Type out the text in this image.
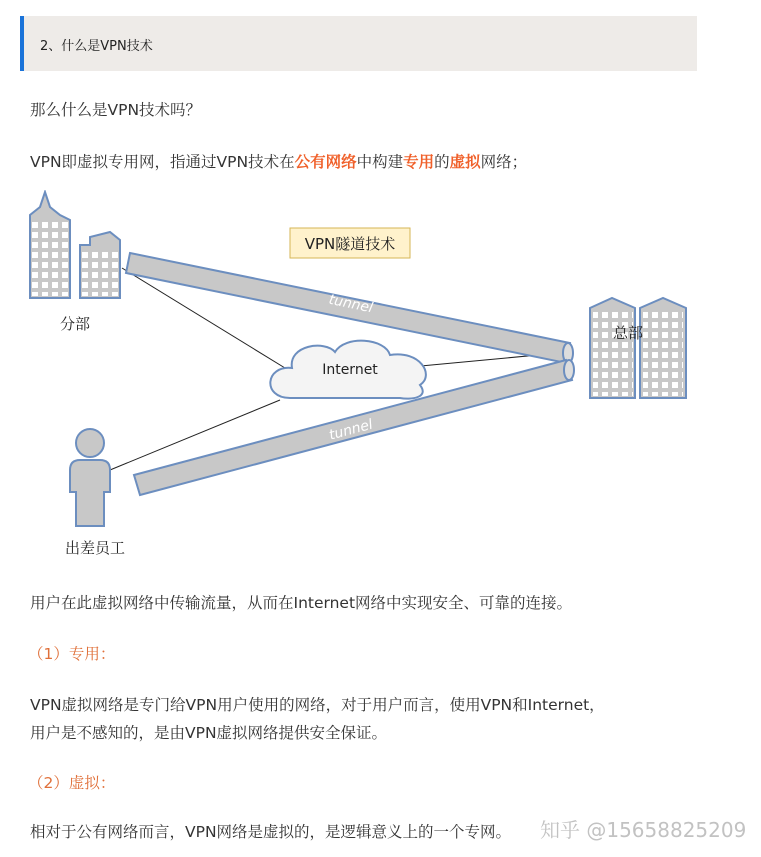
2、什么是VPN技术
那么什么是VPN技术吗？
VPN即虚拟专用网，指通过VPN技术在公有网络中构建专用的虚拟网络；
tunnel
tunnel
Internet
VPN隧道技术
分部	总部
出差员工
用户在此虚拟网络中传输流量，从而在Internet网络中实现安全、可靠的连接。
（1）专用：
VPN虚拟网络是专门给VPN用户使用的网络，对于用户而言，使用VPN和Internet，
用户是不感知的，是由VPN虚拟网络提供安全保证。
（2）虚拟：
相对于公有网络而言，VPN网络是虚拟的，是逻辑意义上的一个专网。 知乎 @15658825209
